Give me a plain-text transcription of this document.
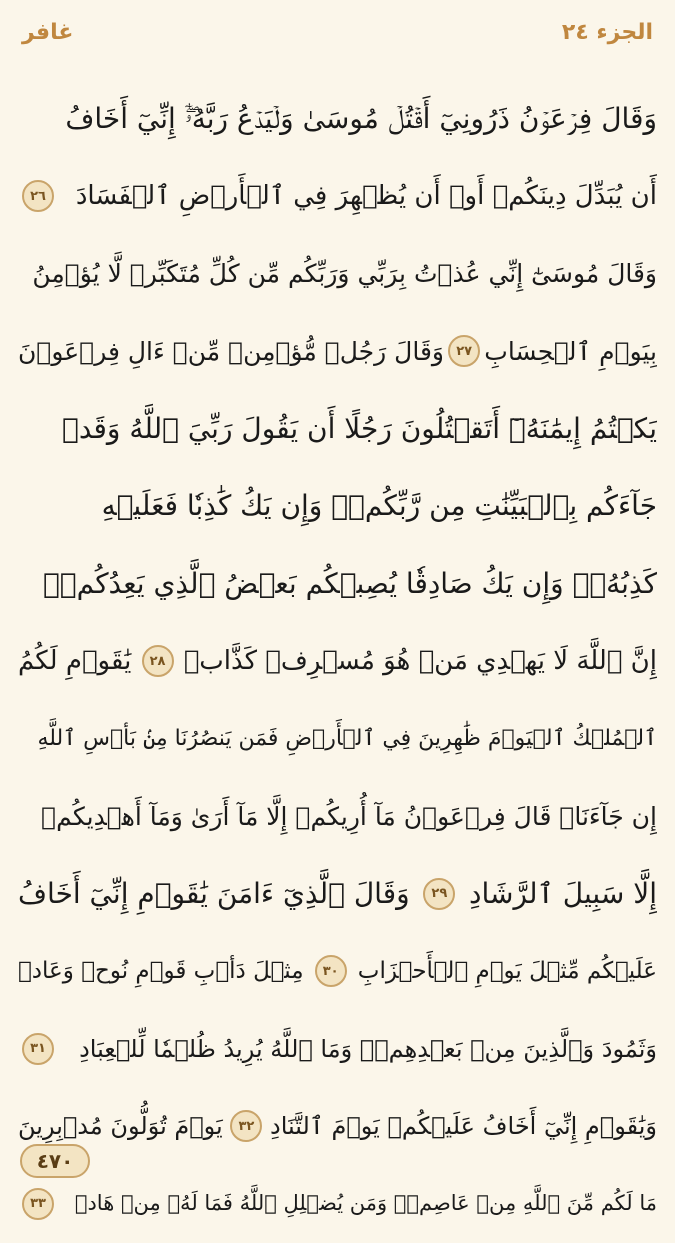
الجزء ٢٤
غافر
وَقَالَ فِرۡعَوۡنُ ذَرُونِيٓ أَقۡتُلۡ مُوسَىٰ وَلۡيَدۡعُ رَبَّهُۥٓۖ إِنِّيٓ أَخَافُ
أَن يُبَدِّلَ دِينَكُمۡ أَوۡ أَن يُظۡهِرَ فِي ٱلۡأَرۡضِ ٱلۡفَسَادَ
٢٦
وَقَالَ مُوسَىٰٓ إِنِّي عُذۡتُ بِرَبِّي وَرَبِّكُم مِّن كُلِّ مُتَكَبِّرٖ لَّا يُؤۡمِنُ
بِيَوۡمِ ٱلۡحِسَابِ
٢٧
وَقَالَ رَجُلٞ مُّؤۡمِنٞ مِّنۡ ءَالِ فِرۡعَوۡنَ
يَكۡتُمُ إِيمَٰنَهُۥٓ أَتَقۡتُلُونَ رَجُلًا أَن يَقُولَ رَبِّيَ ٱللَّهُ وَقَدۡ
جَآءَكُم بِٱلۡبَيِّنَٰتِ مِن رَّبِّكُمۡۖ وَإِن يَكُ كَٰذِبٗا فَعَلَيۡهِ
كَذِبُهُۥۖ وَإِن يَكُ صَادِقٗا يُصِبۡكُم بَعۡضُ ٱلَّذِي يَعِدُكُمۡۖ
إِنَّ ٱللَّهَ لَا يَهۡدِي مَنۡ هُوَ مُسۡرِفٞ كَذَّابٞ
٢٨
يَٰقَوۡمِ لَكُمُ
ٱلۡمُلۡكُ ٱلۡيَوۡمَ ظَٰهِرِينَ فِي ٱلۡأَرۡضِ فَمَن يَنصُرُنَا مِنۢ بَأۡسِ ٱللَّهِ
إِن جَآءَنَاۚ قَالَ فِرۡعَوۡنُ مَآ أُرِيكُمۡ إِلَّا مَآ أَرَىٰ وَمَآ أَهۡدِيكُمۡ
إِلَّا سَبِيلَ ٱلرَّشَادِ
٢٩
وَقَالَ ٱلَّذِيٓ ءَامَنَ يَٰقَوۡمِ إِنِّيٓ أَخَافُ
عَلَيۡكُم مِّثۡلَ يَوۡمِ ٱلۡأَحۡزَابِ
٣٠
مِثۡلَ دَأۡبِ قَوۡمِ نُوحٖ وَعَادٖ
وَثَمُودَ وَٱلَّذِينَ مِنۢ بَعۡدِهِمۡۚ وَمَا ٱللَّهُ يُرِيدُ ظُلۡمٗا لِّلۡعِبَادِ
٣١
وَيَٰقَوۡمِ إِنِّيٓ أَخَافُ عَلَيۡكُمۡ يَوۡمَ ٱلتَّنَادِ
٣٢
يَوۡمَ تُوَلُّونَ مُدۡبِرِينَ
مَا لَكُم مِّنَ ٱللَّهِ مِنۡ عَاصِمٖۗ وَمَن يُضۡلِلِ ٱللَّهُ فَمَا لَهُۥ مِنۡ هَادٖ
٣٣
٤٧٠
